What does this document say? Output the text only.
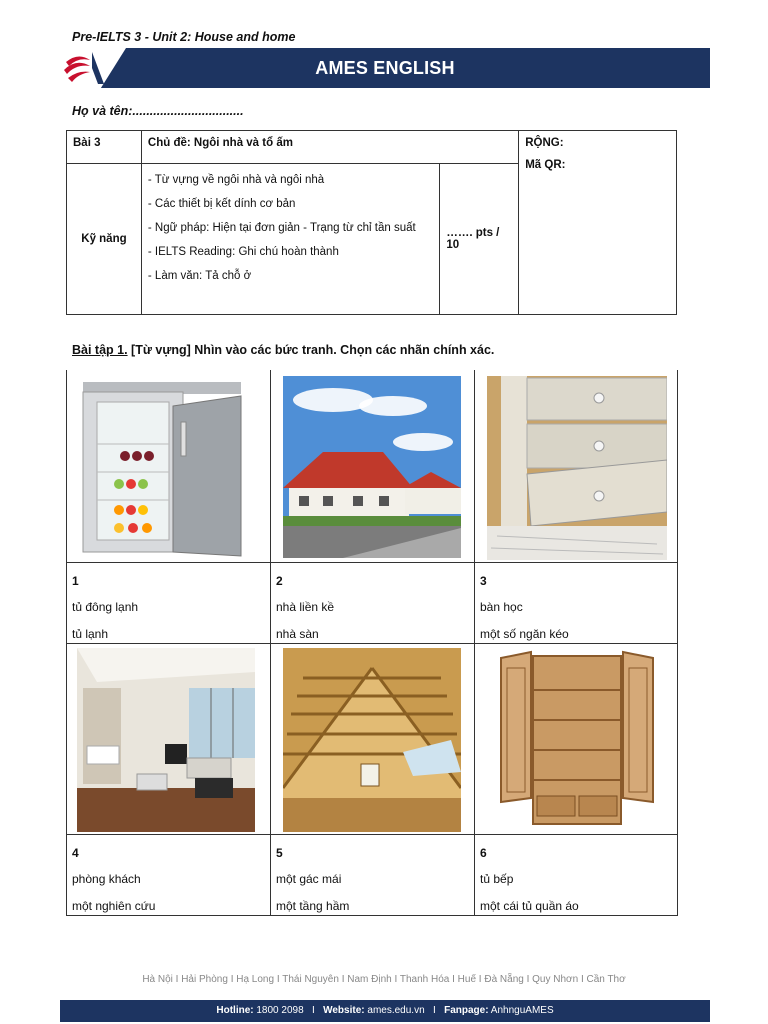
Pre-IELTS 3 - Unit 2: House and home
AMES ENGLISH
Họ và tên:................................
Bài 3	Chủ đề: Ngôi nhà và tổ ấm		RỘNG:
Mã QR:

Kỹ năng	- Từ vựng về ngôi nhà và ngôi nhà
- Các thiết bị kết dính cơ bản
- Ngữ pháp: Hiện tại đơn giản - Trạng từ chỉ tần suất
- IELTS Reading: Ghi chú hoàn thành
- Làm văn: Tả chỗ ở	……. pts / 10	
Bài tập 1. [Từ vựng] Nhìn vào các bức tranh. Chọn các nhãn chính xác.
1
tủ đông lạnh
tủ lạnh
2
nhà liền kề
nhà sàn
3
bàn học
một số ngăn kéo
4
phòng khách
một nghiên cứu
5
một gác mái
một tầng hầm
6
tủ bếp
một cái tủ quần áo
Hà Nội I Hải Phòng I Hạ Long I Thái Nguyên I Nam Định I Thanh Hóa I Huế I Đà Nẵng I Quy Nhơn I Cần Thơ
Hotline: 1800 2098   I   Website: ames.edu.vn   I   Fanpage: AnhnguAMES
